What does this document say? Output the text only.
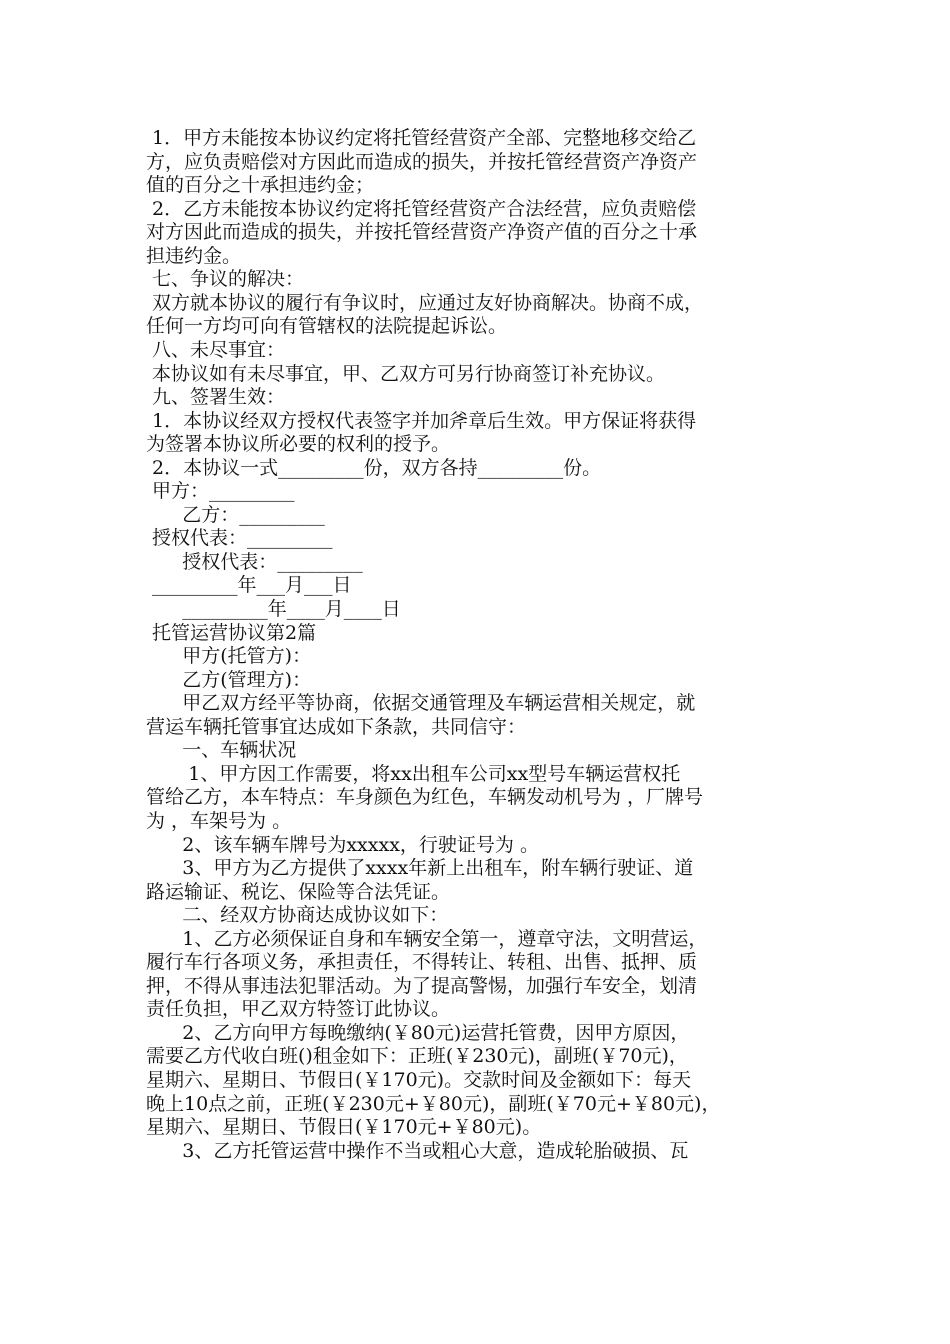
1．甲方未能按本协议约定将托管经营资产全部、完整地移交给乙
方，应负责赔偿对方因此而造成的损失，并按托管经营资产净资产
值的百分之十承担违约金；
2．乙方未能按本协议约定将托管经营资产合法经营，应负责赔偿
对方因此而造成的损失，并按托管经营资产净资产值的百分之十承
担违约金。
七、争议的解决：
双方就本协议的履行有争议时，应通过友好协商解决。协商不成，
任何一方均可向有管辖权的法院提起诉讼。
八、未尽事宜：
本协议如有未尽事宜，甲、乙双方可另行协商签订补充协议。
九、签署生效：
1．本协议经双方授权代表签字并加斧章后生效。甲方保证将获得
为签署本协议所必要的权利的授予。
2．本协议一式_________份，双方各持_________份。
甲方：_________
乙方：_________
授权代表：_________
授权代表：_________
_________年___月___日
_________年____月____日
托管运营协议第2篇
甲方(托管方)：
乙方(管理方)：
甲乙双方经平等协商，依据交通管理及车辆运营相关规定，就
营运车辆托管事宜达成如下条款，共同信守：
一、车辆状况
1、甲方因工作需要，将xx出租车公司xx型号车辆运营权托
管给乙方，本车特点：车身颜色为红色，车辆发动机号为 ，厂牌号
为 ，车架号为 。
2、该车辆车牌号为xxxxx，行驶证号为 。
3、甲方为乙方提供了xxxx年新上出租车，附车辆行驶证、道
路运输证、税讫、保险等合法凭证。
二、经双方协商达成协议如下：
1、乙方必须保证自身和车辆安全第一，遵章守法，文明营运，
履行车行各项义务，承担责任，不得转让、转租、出售、抵押、质
押，不得从事违法犯罪活动。为了提高警惕，加强行车安全，划清
责任负担，甲乙双方特签订此协议。
2、乙方向甲方每晚缴纳(￥80元)运营托管费，因甲方原因，
需要乙方代收白班()租金如下：正班(￥230元)，副班(￥70元)，
星期六、星期日、节假日(￥170元)。交款时间及金额如下：每天
晚上10点之前，正班(￥230元+￥80元)，副班(￥70元+￥80元)，
星期六、星期日、节假日(￥170元+￥80元)。
3、乙方托管运营中操作不当或粗心大意，造成轮胎破损、瓦
